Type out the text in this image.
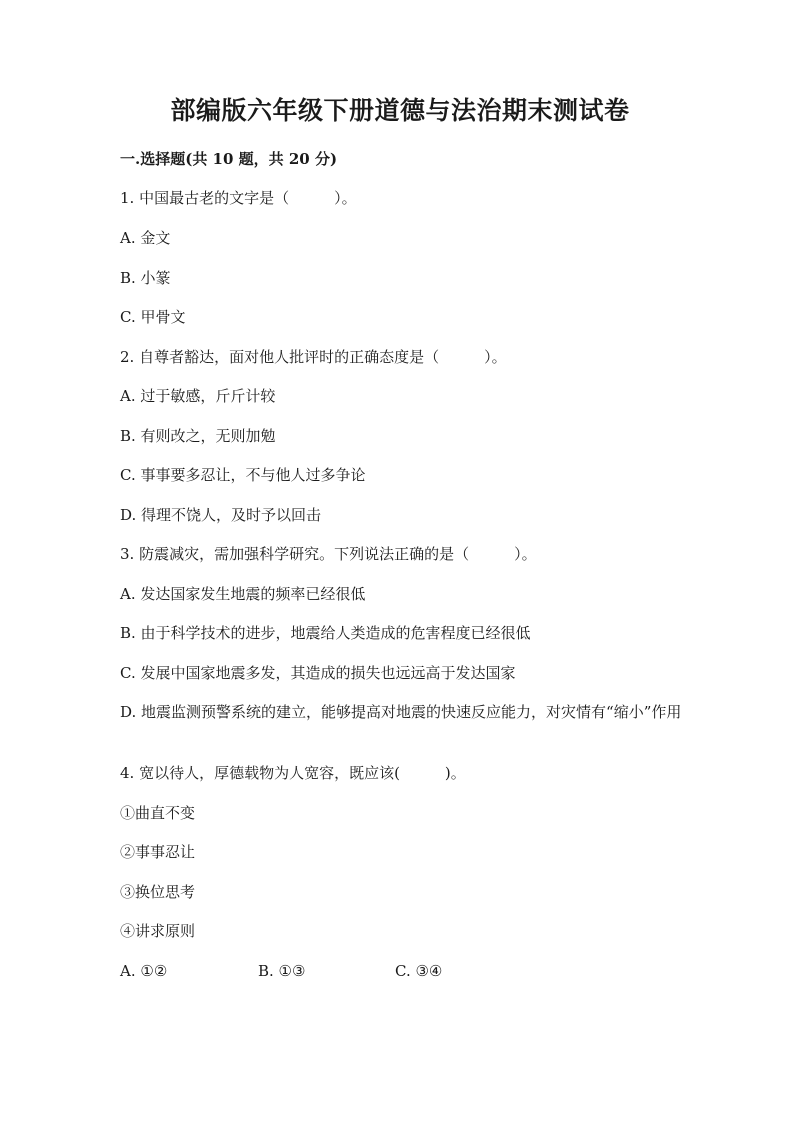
部编版六年级下册道德与法治期末测试卷
一.选择题(共 10 题，共 20 分)
1. 中国最古老的文字是（　　　）。
A. 金文
B. 小篆
C. 甲骨文
2. 自尊者豁达，面对他人批评时的正确态度是（　　　）。
A. 过于敏感，斤斤计较
B. 有则改之，无则加勉
C. 事事要多忍让，不与他人过多争论
D. 得理不饶人，及时予以回击
3. 防震减灾，需加强科学研究。下列说法正确的是（　　　）。
A. 发达国家发生地震的频率已经很低
B. 由于科学技术的进步，地震给人类造成的危害程度已经很低
C. 发展中国家地震多发，其造成的损失也远远高于发达国家
D. 地震监测预警系统的建立，能够提高对地震的快速反应能力，对灾情有“缩小”作用
4. 宽以待人，厚德载物为人宽容，既应该(　　　)。
①曲直不变
②事事忍让
③换位思考
④讲求原则
A. ①②	B. ①③	C. ③④
